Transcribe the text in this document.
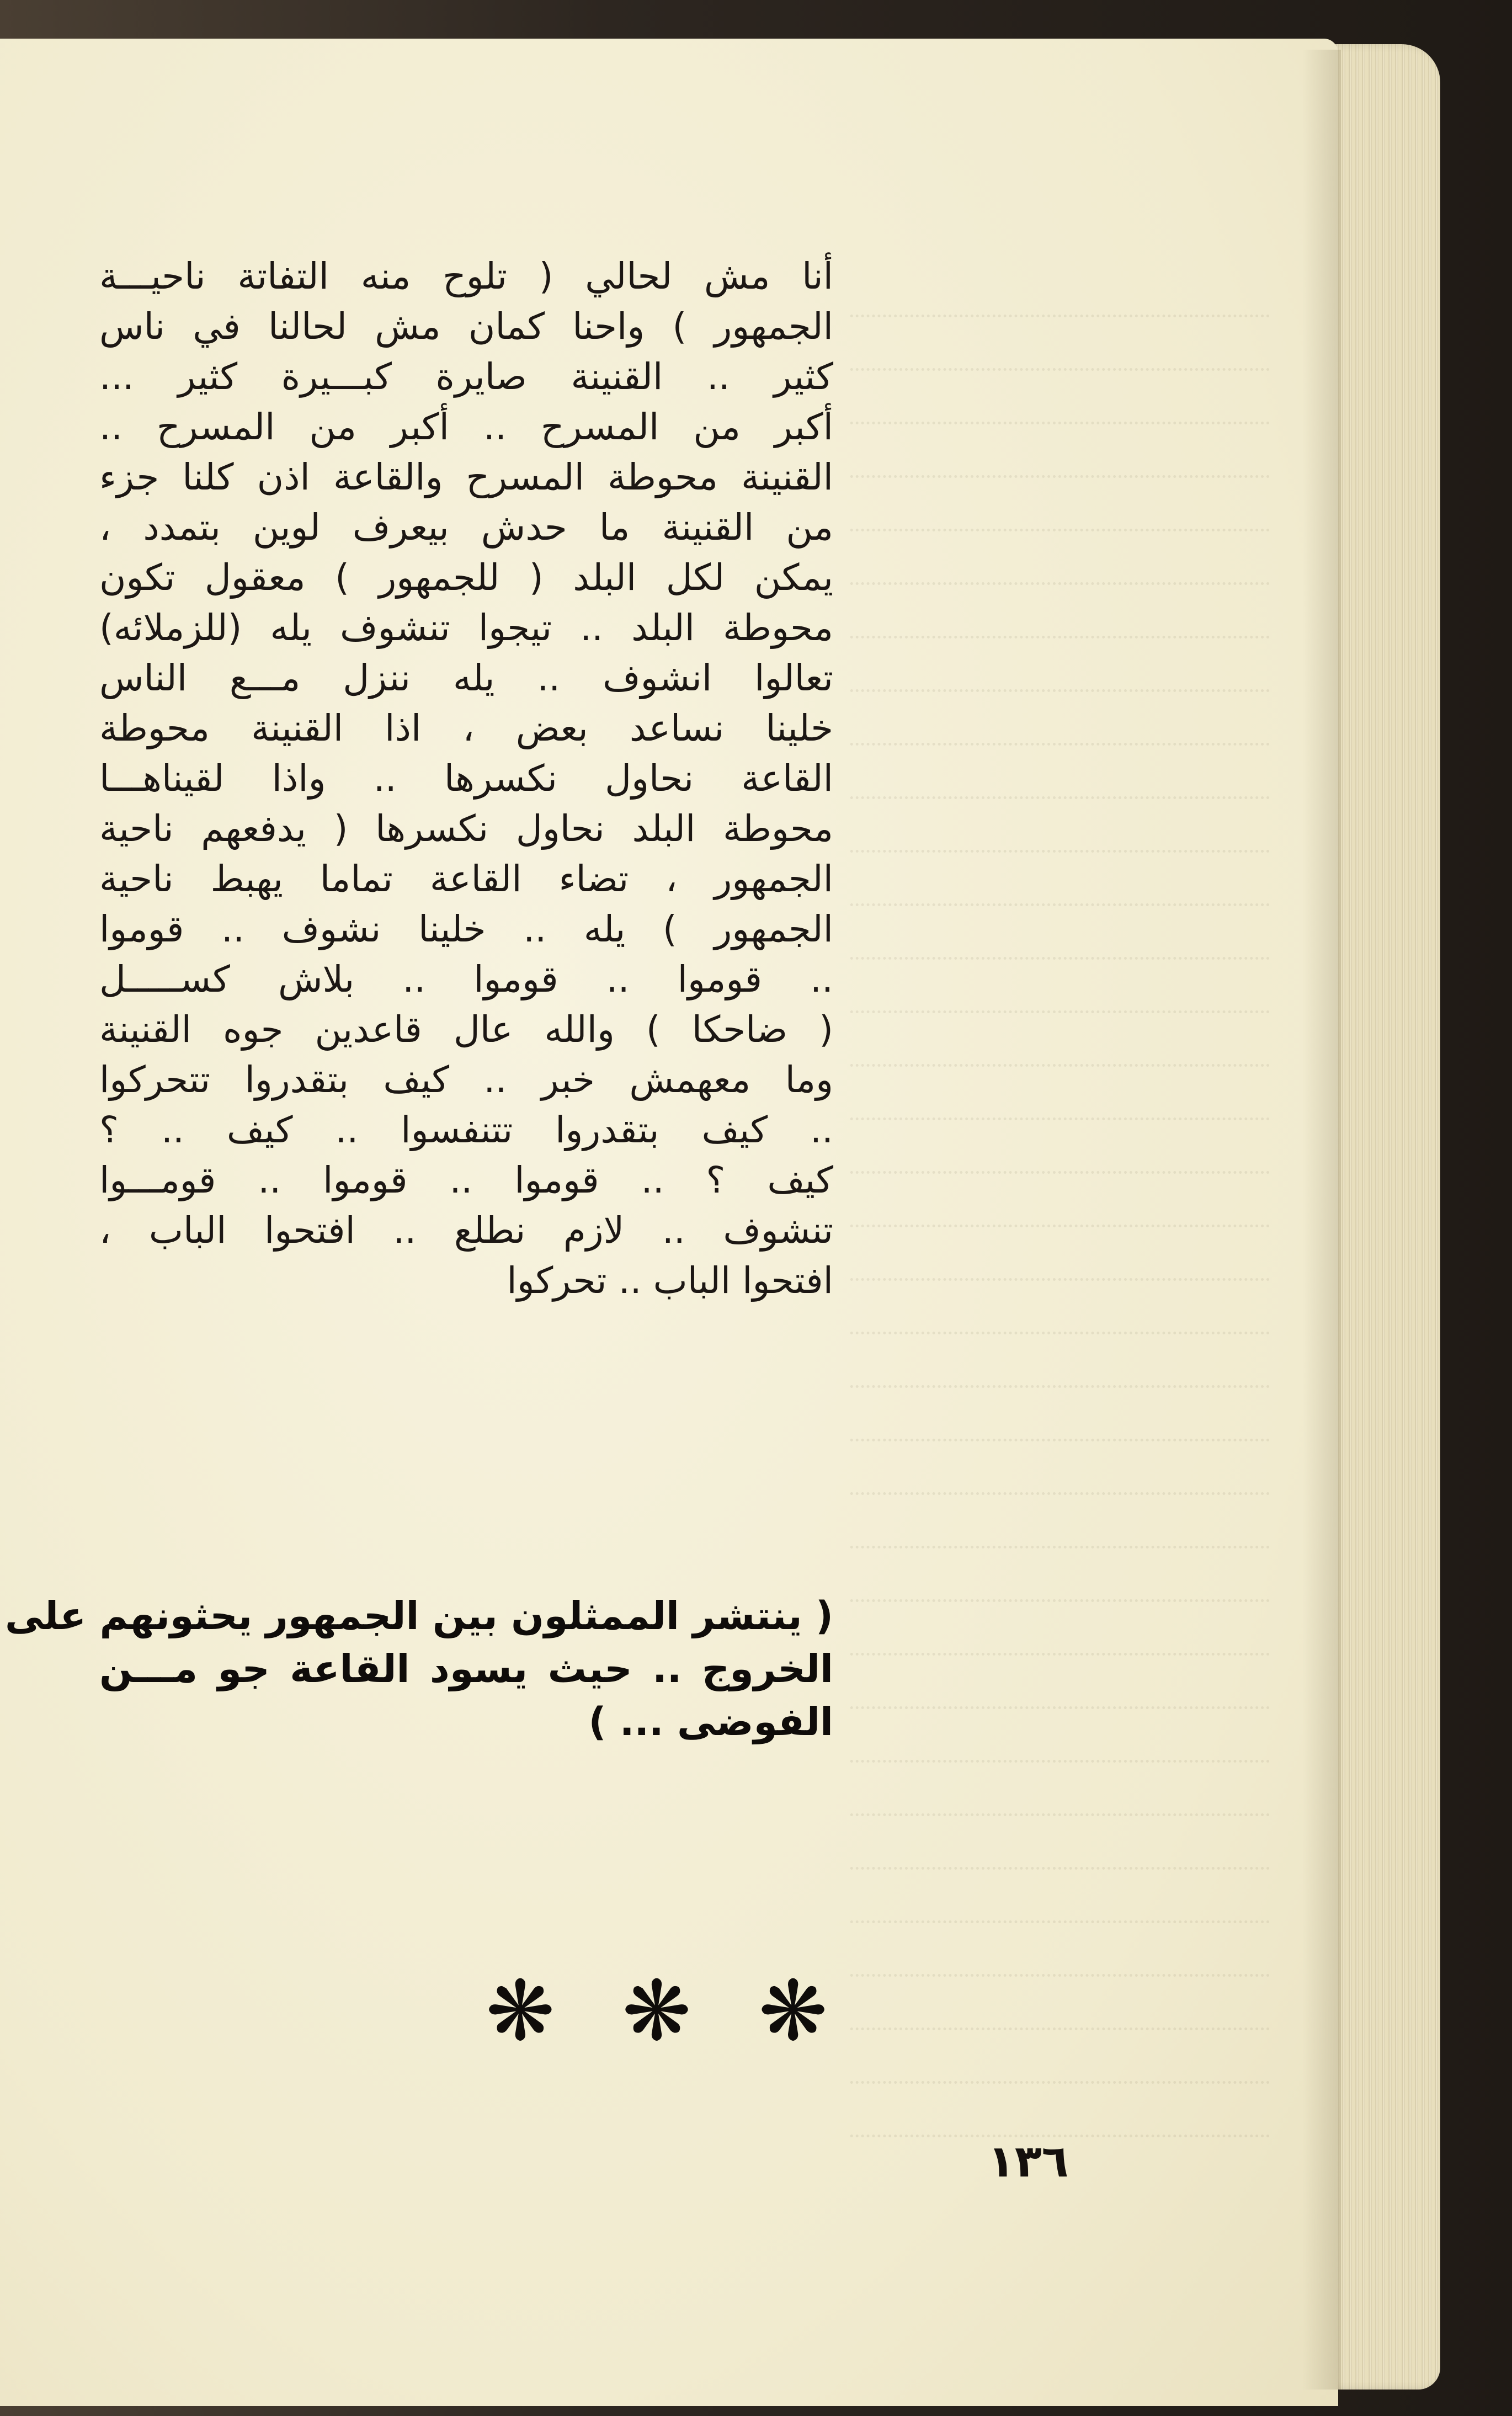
أنا مش لحالي ( تلوح منه التفاتة ناحيـــة
الجمهور ) واحنا كمان مش لحالنا في ناس
كثير .. القنينة صايرة كبـــيرة كثير ...
أكبر من المسرح .. أكبر من المسرح ..
القنينة محوطة المسرح والقاعة اذن كلنا جزء
من القنينة ما حدش بيعرف لوين بتمدد ،
يمكن لكل البلد ( للجمهور ) معقول تكون
محوطة البلد .. تيجوا تنشوف يله (للزملائه)
تعالوا انشوف .. يله ننزل مـــع الناس
خلينا نساعد بعض ، اذا القنينة محوطة
القاعة نحاول نكسرها .. واذا لقيناهـــا
محوطة البلد نحاول نكسرها ( يدفعهم ناحية
الجمهور ، تضاء القاعة تماما يهبط ناحية
الجمهور ) يله .. خلينا نشوف .. قوموا
.. قوموا .. قوموا .. بلاش كســـــل
( ضاحكا ) والله عال قاعدين جوه القنينة
وما معهمش خبر .. كيف بتقدروا تتحركوا
.. كيف بتقدروا تتنفسوا .. كيف .. ؟
كيف ؟ .. قوموا .. قوموا .. قومـــوا
تنشوف .. لازم نطلع .. افتحوا الباب ،
افتحوا الباب .. تحركوا
( ينتشر الممثلون بين الجمهور يحثونهم على
الخروج .. حيث يسود القاعة جو مـــن
الفوضى ... )
❋ ❋ ❋
١٣٦
